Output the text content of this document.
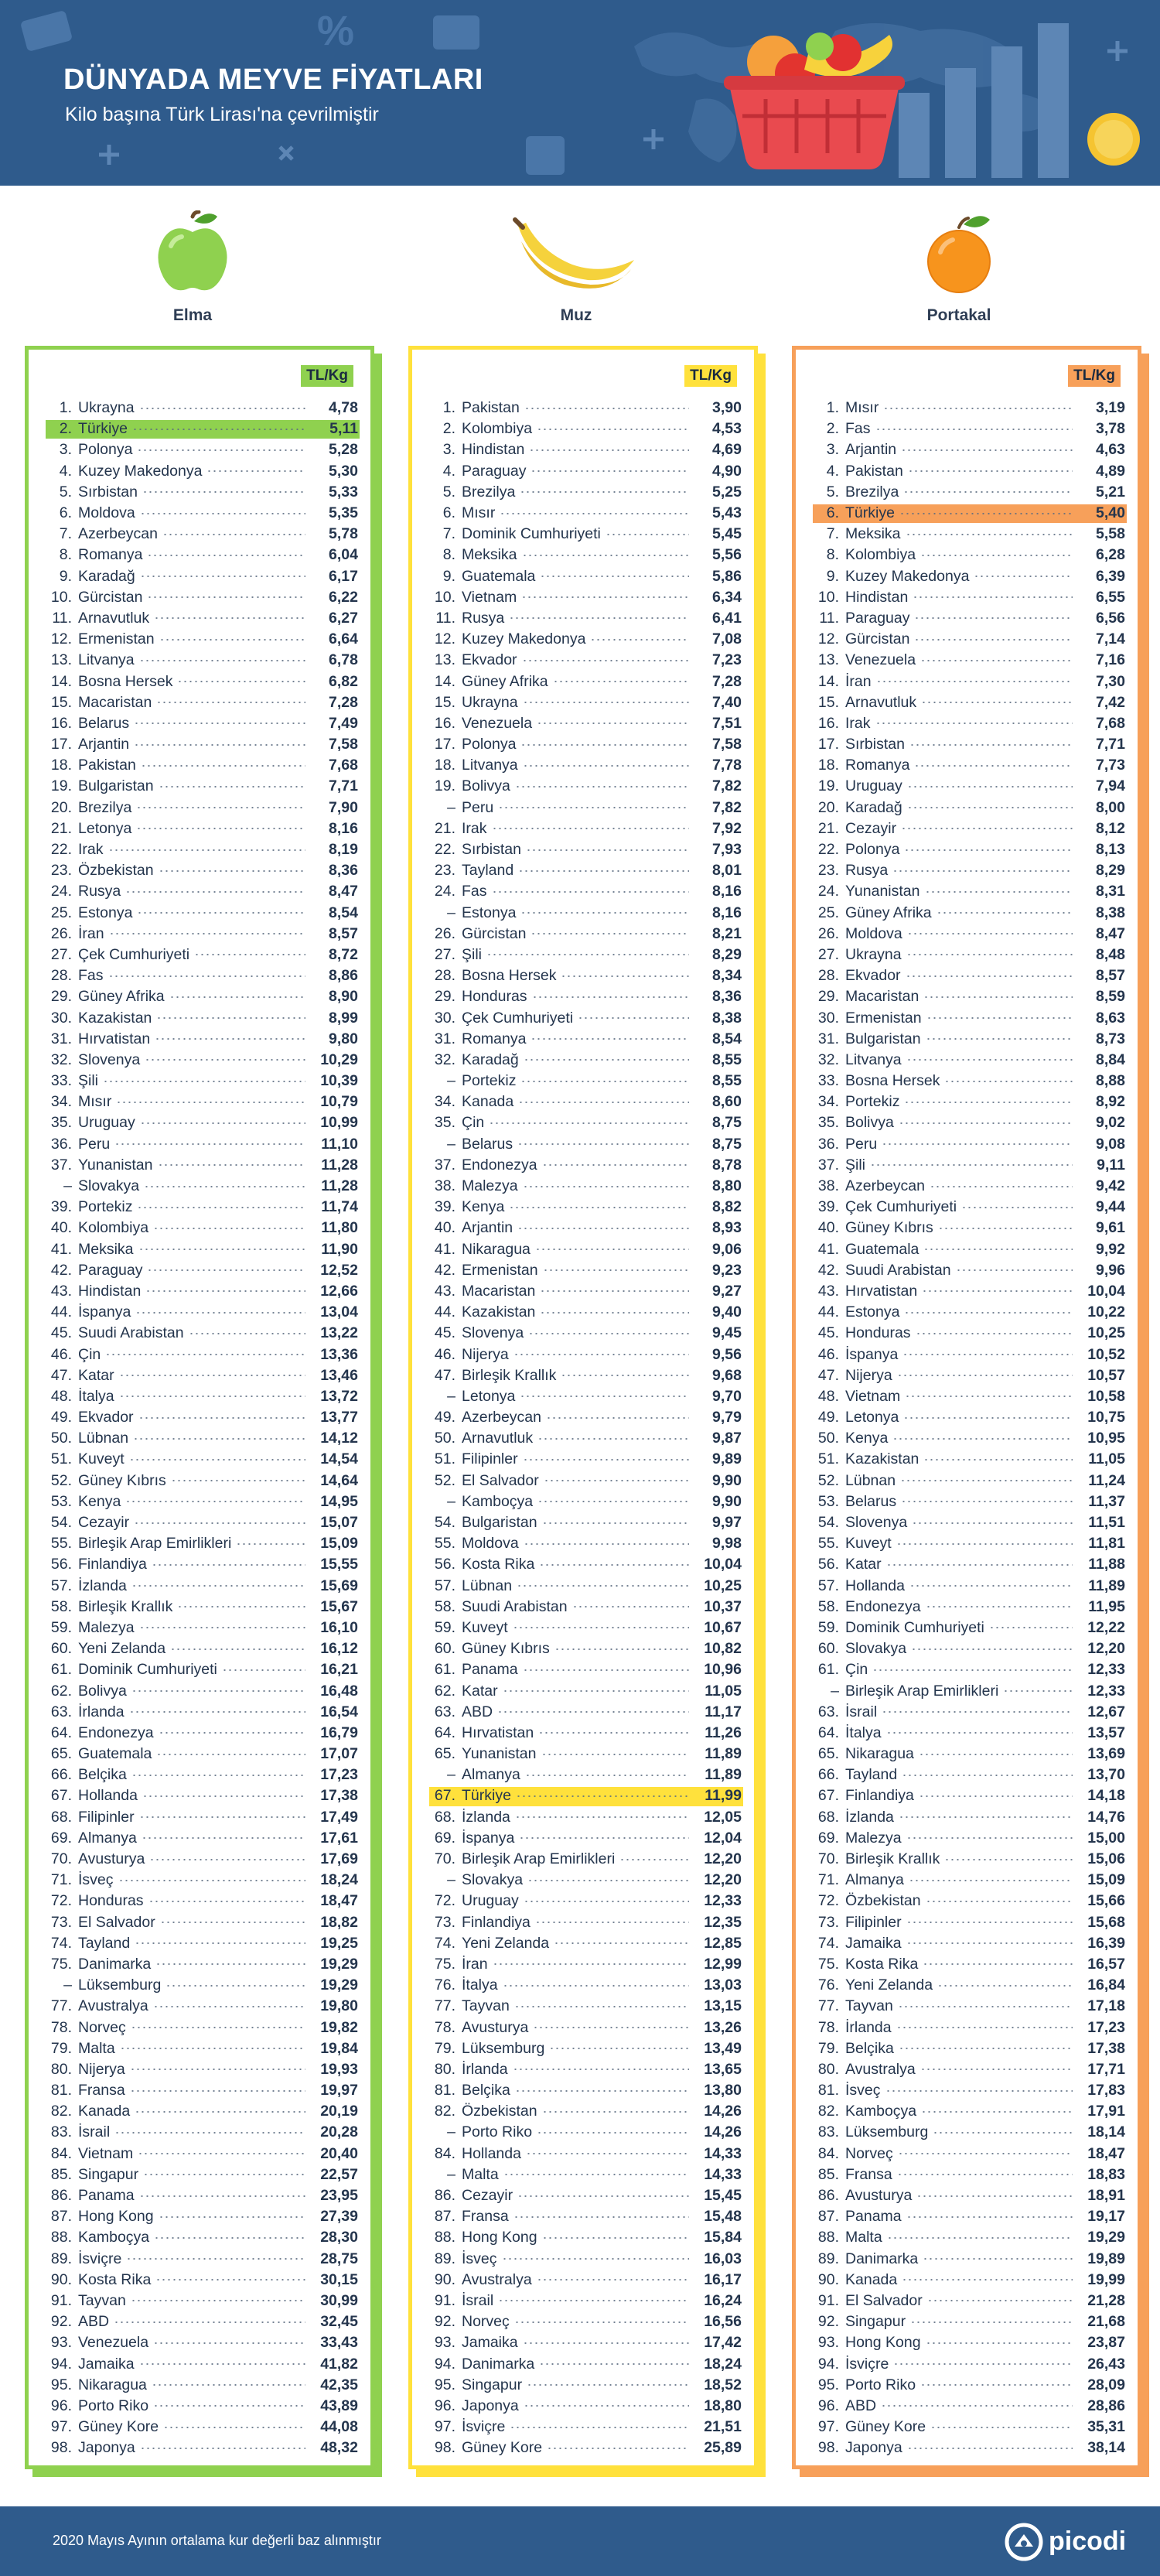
%
DÜNYADA MEYVE FİYATLARI
Kilo başına Türk Lirası'na çevrilmiştir
Elma	Muz	Portakal
TL/Kg
1. Ukrayna	4,78
2. Türkiye	5,11
3. Polonya	5,28
4. Kuzey Makedonya	5,30
5. Sırbistan	5,33
6. Moldova	5,35
7. Azerbeycan	5,78
8. Romanya	6,04
9. Karadağ	6,17
10. Gürcistan	6,22
11. Arnavutluk	6,27
12. Ermenistan	6,64
13. Litvanya	6,78
14. Bosna Hersek	6,82
15. Macaristan	7,28
16. Belarus	7,49
17. Arjantin	7,58
18. Pakistan	7,68
19. Bulgaristan	7,71
20. Brezilya	7,90
21. Letonya	8,16
22. Irak	8,19
23. Özbekistan	8,36
24. Rusya	8,47
25. Estonya	8,54
26. İran	8,57
27. Çek Cumhuriyeti	8,72
28. Fas	8,86
29. Güney Afrika	8,90
30. Kazakistan	8,99
31. Hırvatistan	9,80
32. Slovenya	10,29
33. Şili	10,39
34. Mısır	10,79
35. Uruguay	10,99
36. Peru	11,10
37. Yunanistan	11,28
– Slovakya	11,28
39. Portekiz	11,74
40. Kolombiya	11,80
41. Meksika	11,90
42. Paraguay	12,52
43. Hindistan	12,66
44. İspanya	13,04
45. Suudi Arabistan	13,22
46. Çin	13,36
47. Katar	13,46
48. İtalya	13,72
49. Ekvador	13,77
50. Lübnan	14,12
51. Kuveyt	14,54
52. Güney Kıbrıs	14,64
53. Kenya	14,95
54. Cezayir	15,07
55. Birleşik Arap Emirlikleri	15,09
56. Finlandiya	15,55
57. İzlanda	15,69
58. Birleşik Krallık	15,67
59. Malezya	16,10
60. Yeni Zelanda	16,12
61. Dominik Cumhuriyeti	16,21
62. Bolivya	16,48
63. İrlanda	16,54
64. Endonezya	16,79
65. Guatemala	17,07
66. Belçika	17,23
67. Hollanda	17,38
68. Filipinler	17,49
69. Almanya	17,61
70. Avusturya	17,69
71. İsveç	18,24
72. Honduras	18,47
73. El Salvador	18,82
74. Tayland	19,25
75. Danimarka	19,29
– Lüksemburg	19,29
77. Avustralya	19,80
78. Norveç	19,82
79. Malta	19,84
80. Nijerya	19,93
81. Fransa	19,97
82. Kanada	20,19
83. İsrail	20,28
84. Vietnam	20,40
85. Singapur	22,57
86. Panama	23,95
87. Hong Kong	27,39
88. Kamboçya	28,30
89. İsviçre	28,75
90. Kosta Rika	30,15
91. Tayvan	30,99
92. ABD	32,45
93. Venezuela	33,43
94. Jamaika	41,82
95. Nikaragua	42,35
96. Porto Riko	43,89
97. Güney Kore	44,08
98. Japonya	48,32
TL/Kg
1. Pakistan	3,90
2. Kolombiya	4,53
3. Hindistan	4,69
4. Paraguay	4,90
5. Brezilya	5,25
6. Mısır	5,43
7. Dominik Cumhuriyeti	5,45
8. Meksika	5,56
9. Guatemala	5,86
10. Vietnam	6,34
11. Rusya	6,41
12. Kuzey Makedonya	7,08
13. Ekvador	7,23
14. Güney Afrika	7,28
15. Ukrayna	7,40
16. Venezuela	7,51
17. Polonya	7,58
18. Litvanya	7,78
19. Bolivya	7,82
– Peru	7,82
21. Irak	7,92
22. Sırbistan	7,93
23. Tayland	8,01
24. Fas	8,16
– Estonya	8,16
26. Gürcistan	8,21
27. Şili	8,29
28. Bosna Hersek	8,34
29. Honduras	8,36
30. Çek Cumhuriyeti	8,38
31. Romanya	8,54
32. Karadağ	8,55
– Portekiz	8,55
34. Kanada	8,60
35. Çin	8,75
– Belarus	8,75
37. Endonezya	8,78
38. Malezya	8,80
39. Kenya	8,82
40. Arjantin	8,93
41. Nikaragua	9,06
42. Ermenistan	9,23
43. Macaristan	9,27
44. Kazakistan	9,40
45. Slovenya	9,45
46. Nijerya	9,56
47. Birleşik Krallık	9,68
– Letonya	9,70
49. Azerbeycan	9,79
50. Arnavutluk	9,87
51. Filipinler	9,89
52. El Salvador	9,90
– Kamboçya	9,90
54. Bulgaristan	9,97
55. Moldova	9,98
56. Kosta Rika	10,04
57. Lübnan	10,25
58. Suudi Arabistan	10,37
59. Kuveyt	10,67
60. Güney Kıbrıs	10,82
61. Panama	10,96
62. Katar	11,05
63. ABD	11,17
64. Hırvatistan	11,26
65. Yunanistan	11,89
– Almanya	11,89
67. Türkiye	11,99
68. İzlanda	12,05
69. İspanya	12,04
70. Birleşik Arap Emirlikleri	12,20
– Slovakya	12,20
72. Uruguay	12,33
73. Finlandiya	12,35
74. Yeni Zelanda	12,85
75. İran	12,99
76. İtalya	13,03
77. Tayvan	13,15
78. Avusturya	13,26
79. Lüksemburg	13,49
80. İrlanda	13,65
81. Belçika	13,80
82. Özbekistan	14,26
– Porto Riko	14,26
84. Hollanda	14,33
– Malta	14,33
86. Cezayir	15,45
87. Fransa	15,48
88. Hong Kong	15,84
89. İsveç	16,03
90. Avustralya	16,17
91. İsrail	16,24
92. Norveç	16,56
93. Jamaika	17,42
94. Danimarka	18,24
95. Singapur	18,52
96. Japonya	18,80
97. İsviçre	21,51
98. Güney Kore	25,89
TL/Kg
1. Mısır	3,19
2. Fas	3,78
3. Arjantin	4,63
4. Pakistan	4,89
5. Brezilya	5,21
6. Türkiye	5,40
7. Meksika	5,58
8. Kolombiya	6,28
9. Kuzey Makedonya	6,39
10. Hindistan	6,55
11. Paraguay	6,56
12. Gürcistan	7,14
13. Venezuela	7,16
14. İran	7,30
15. Arnavutluk	7,42
16. Irak	7,68
17. Sırbistan	7,71
18. Romanya	7,73
19. Uruguay	7,94
20. Karadağ	8,00
21. Cezayir	8,12
22. Polonya	8,13
23. Rusya	8,29
24. Yunanistan	8,31
25. Güney Afrika	8,38
26. Moldova	8,47
27. Ukrayna	8,48
28. Ekvador	8,57
29. Macaristan	8,59
30. Ermenistan	8,63
31. Bulgaristan	8,73
32. Litvanya	8,84
33. Bosna Hersek	8,88
34. Portekiz	8,92
35. Bolivya	9,02
36. Peru	9,08
37. Şili	9,11
38. Azerbeycan	9,42
39. Çek Cumhuriyeti	9,44
40. Güney Kıbrıs	9,61
41. Guatemala	9,92
42. Suudi Arabistan	9,96
43. Hırvatistan	10,04
44. Estonya	10,22
45. Honduras	10,25
46. İspanya	10,52
47. Nijerya	10,57
48. Vietnam	10,58
49. Letonya	10,75
50. Kenya	10,95
51. Kazakistan	11,05
52. Lübnan	11,24
53. Belarus	11,37
54. Slovenya	11,51
55. Kuveyt	11,81
56. Katar	11,88
57. Hollanda	11,89
58. Endonezya	11,95
59. Dominik Cumhuriyeti	12,22
60. Slovakya	12,20
61. Çin	12,33
– Birleşik Arap Emirlikleri	12,33
63. İsrail	12,67
64. İtalya	13,57
65. Nikaragua	13,69
66. Tayland	13,70
67. Finlandiya	14,18
68. İzlanda	14,76
69. Malezya	15,00
70. Birleşik Krallık	15,06
71. Almanya	15,09
72. Özbekistan	15,66
73. Filipinler	15,68
74. Jamaika	16,39
75. Kosta Rika	16,57
76. Yeni Zelanda	16,84
77. Tayvan	17,18
78. İrlanda	17,23
79. Belçika	17,38
80. Avustralya	17,71
81. İsveç	17,83
82. Kamboçya	17,91
83. Lüksemburg	18,14
84. Norveç	18,47
85. Fransa	18,83
86. Avusturya	18,91
87. Panama	19,17
88. Malta	19,29
89. Danimarka	19,89
90. Kanada	19,99
91. El Salvador	21,28
92. Singapur	21,68
93. Hong Kong	23,87
94. İsviçre	26,43
95. Porto Riko	28,09
96. ABD	28,86
97. Güney Kore	35,31
98. Japonya	38,14
2020 Mayıs Ayının ortalama kur değerli baz alınmıştır	picodi
